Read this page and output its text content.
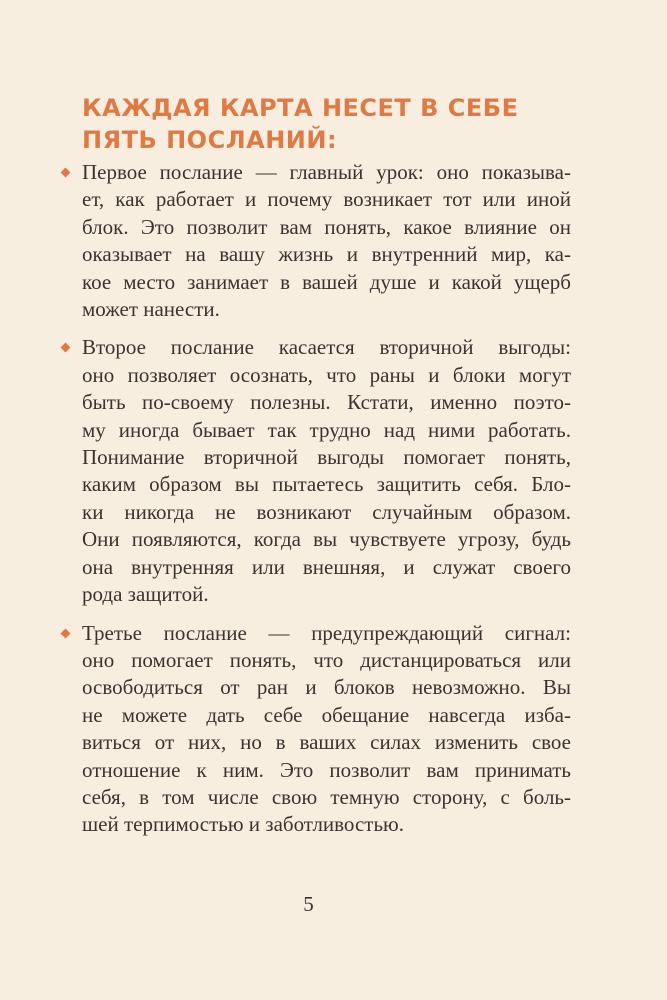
КАЖДАЯ КАРТА НЕСЕТ В СЕБЕ
ПЯТЬ ПОСЛАНИЙ:
Первое послание — главный урок: оно показыва-
ет, как работает и почему возникает тот или иной
блок. Это позволит вам понять, какое влияние он
оказывает на вашу жизнь и внутренний мир, ка-
кое место занимает в вашей душе и какой ущерб
может нанести.
Второе послание касается вторичной выгоды:
оно позволяет осознать, что раны и блоки могут
быть по-своему полезны. Кстати, именно поэто-
му иногда бывает так трудно над ними работать.
Понимание вторичной выгоды помогает понять,
каким образом вы пытаетесь защитить себя. Бло-
ки никогда не возникают случайным образом.
Они появляются, когда вы чувствуете угрозу, будь
она внутренняя или внешняя, и служат своего
рода защитой.
Третье послание — предупреждающий сигнал:
оно помогает понять, что дистанцироваться или
освободиться от ран и блоков невозможно. Вы
не можете дать себе обещание навсегда изба-
виться от них, но в ваших силах изменить свое
отношение к ним. Это позволит вам принимать
себя, в том числе свою темную сторону, с боль-
шей терпимостью и заботливостью.
5
